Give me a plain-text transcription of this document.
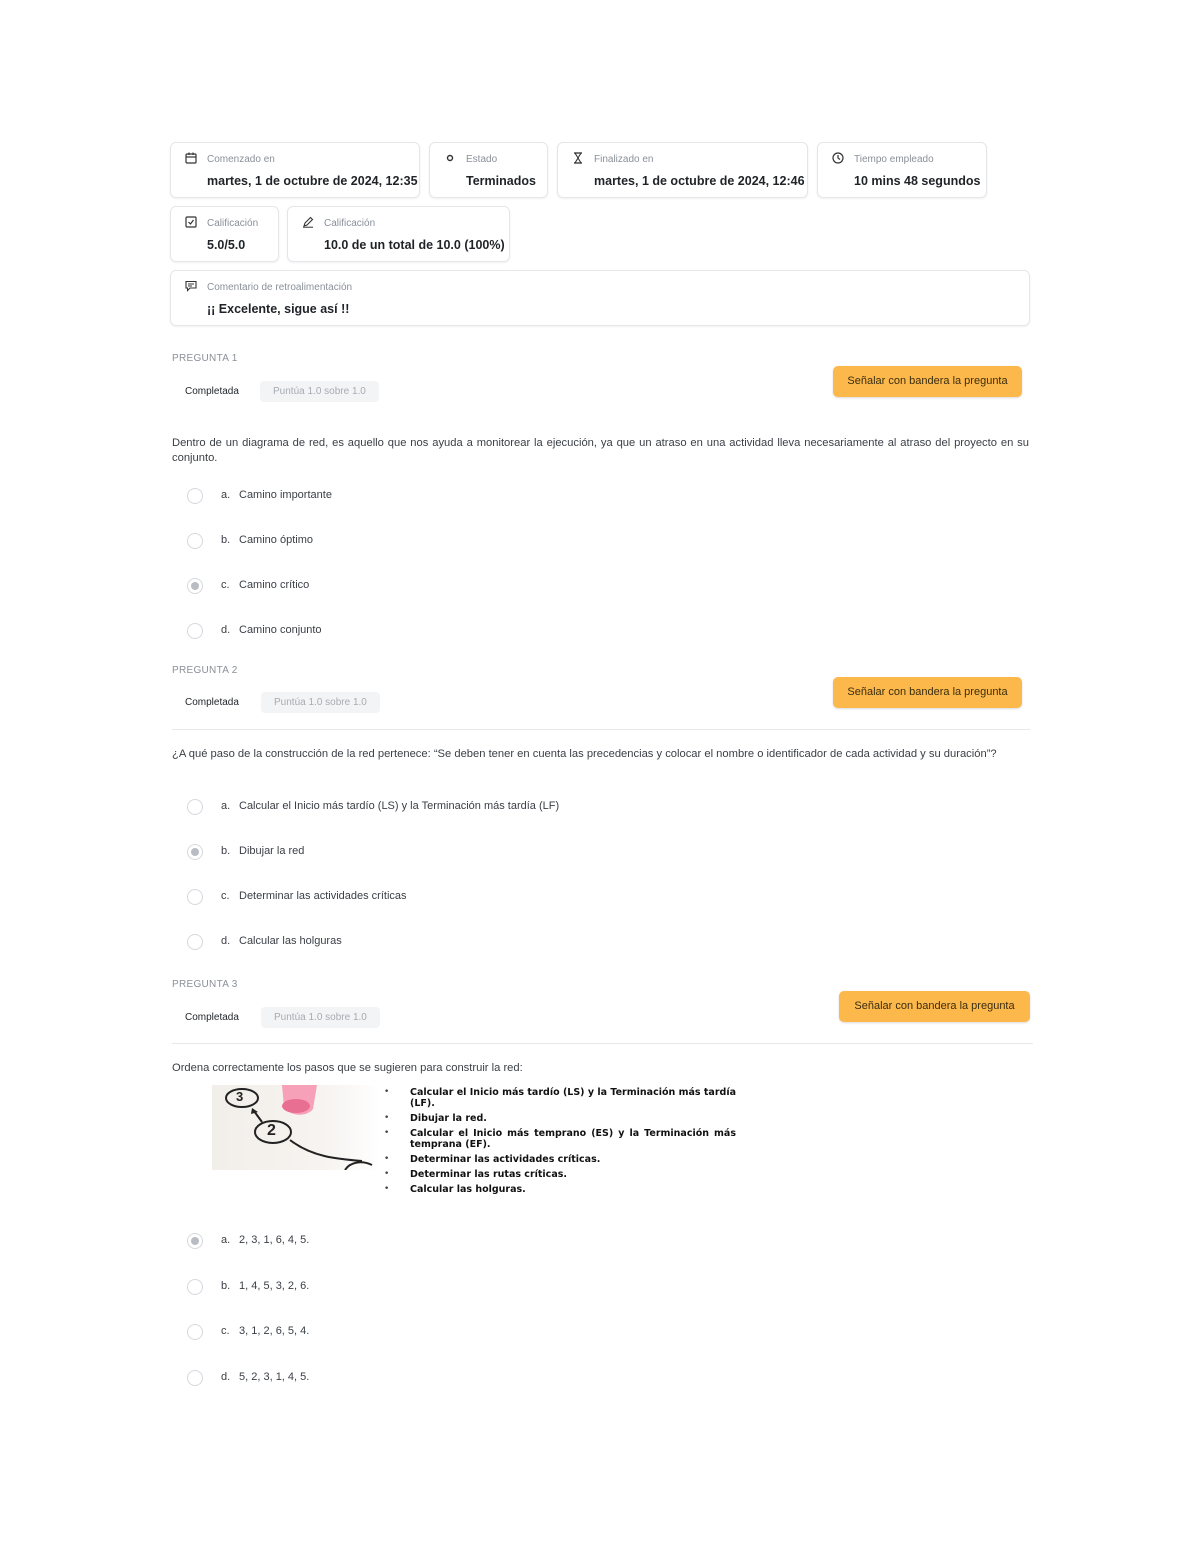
Comenzado en
martes, 1 de octubre de 2024, 12:35
Estado
Terminados
Finalizado en
martes, 1 de octubre de 2024, 12:46
Tiempo empleado
10 mins 48 segundos
Calificación
5.0/5.0
Calificación
10.0 de un total de 10.0 (100%)
Comentario de retroalimentación
¡¡ Excelente, sigue así !!
PREGUNTA 1
Completada	Puntúa 1.0 sobre 1.0
Señalar con bandera la pregunta
Dentro de un diagrama de red, es aquello que nos ayuda a monitorear la ejecución, ya que un atraso en una actividad lleva necesariamente al atraso del proyecto en su conjunto.
a. Camino importante
b. Camino óptimo
c. Camino crítico
d. Camino conjunto
PREGUNTA 2
Completada	Puntúa 1.0 sobre 1.0
Señalar con bandera la pregunta
¿A qué paso de la construcción de la red pertenece: “Se deben tener en cuenta las precedencias y colocar el nombre o identificador de cada actividad y su duración”?
a. Calcular el Inicio más tardío (LS) y la Terminación más tardía (LF)
b. Dibujar la red
c. Determinar las actividades críticas
d. Calcular las holguras
PREGUNTA 3
Completada	Puntúa 1.0 sobre 1.0
Señalar con bandera la pregunta
Ordena correctamente los pasos que se sugieren para construir la red:
3
2
• Calcular el Inicio más tardío (LS) y la Terminación más tardía (LF).
• Dibujar la red.
• Calcular el Inicio más temprano (ES) y la Terminación más temprana (EF).
• Determinar las actividades críticas.
• Determinar las rutas críticas.
• Calcular las holguras.
a. 2, 3, 1, 6, 4, 5.
b. 1, 4, 5, 3, 2, 6.
c. 3, 1, 2, 6, 5, 4.
d. 5, 2, 3, 1, 4, 5.
